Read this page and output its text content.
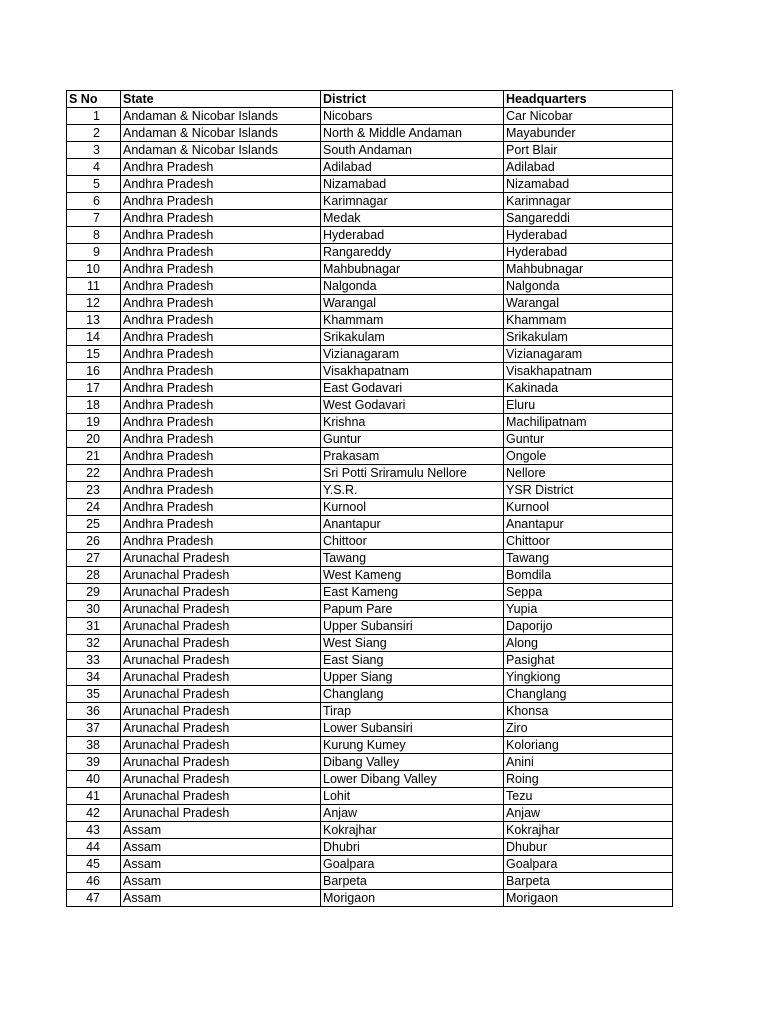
S No	State	District	Headquarters
1	Andaman & Nicobar Islands	Nicobars	Car Nicobar
2	Andaman & Nicobar Islands	North & Middle Andaman	Mayabunder
3	Andaman & Nicobar Islands	South Andaman	Port Blair
4	Andhra Pradesh	Adilabad	Adilabad
5	Andhra Pradesh	Nizamabad	Nizamabad
6	Andhra Pradesh	Karimnagar	Karimnagar
7	Andhra Pradesh	Medak	Sangareddi
8	Andhra Pradesh	Hyderabad	Hyderabad
9	Andhra Pradesh	Rangareddy	Hyderabad
10	Andhra Pradesh	Mahbubnagar	Mahbubnagar
11	Andhra Pradesh	Nalgonda	Nalgonda
12	Andhra Pradesh	Warangal	Warangal
13	Andhra Pradesh	Khammam	Khammam
14	Andhra Pradesh	Srikakulam	Srikakulam
15	Andhra Pradesh	Vizianagaram	Vizianagaram
16	Andhra Pradesh	Visakhapatnam	Visakhapatnam
17	Andhra Pradesh	East Godavari	Kakinada
18	Andhra Pradesh	West Godavari	Eluru
19	Andhra Pradesh	Krishna	Machilipatnam
20	Andhra Pradesh	Guntur	Guntur
21	Andhra Pradesh	Prakasam	Ongole
22	Andhra Pradesh	Sri Potti Sriramulu Nellore	Nellore
23	Andhra Pradesh	Y.S.R.	YSR District
24	Andhra Pradesh	Kurnool	Kurnool
25	Andhra Pradesh	Anantapur	Anantapur
26	Andhra Pradesh	Chittoor	Chittoor
27	Arunachal Pradesh	Tawang	Tawang
28	Arunachal Pradesh	West Kameng	Bomdila
29	Arunachal Pradesh	East Kameng	Seppa
30	Arunachal Pradesh	Papum Pare	Yupia
31	Arunachal Pradesh	Upper Subansiri	Daporijo
32	Arunachal Pradesh	West Siang	Along
33	Arunachal Pradesh	East Siang	Pasighat
34	Arunachal Pradesh	Upper Siang	Yingkiong
35	Arunachal Pradesh	Changlang	Changlang
36	Arunachal Pradesh	Tirap	Khonsa
37	Arunachal Pradesh	Lower Subansiri	Ziro
38	Arunachal Pradesh	Kurung Kumey	Koloriang
39	Arunachal Pradesh	Dibang Valley	Anini
40	Arunachal Pradesh	Lower Dibang Valley	Roing
41	Arunachal Pradesh	Lohit	Tezu
42	Arunachal Pradesh	Anjaw	Anjaw
43	Assam	Kokrajhar	Kokrajhar
44	Assam	Dhubri	Dhubur
45	Assam	Goalpara	Goalpara
46	Assam	Barpeta	Barpeta
47	Assam	Morigaon	Morigaon
